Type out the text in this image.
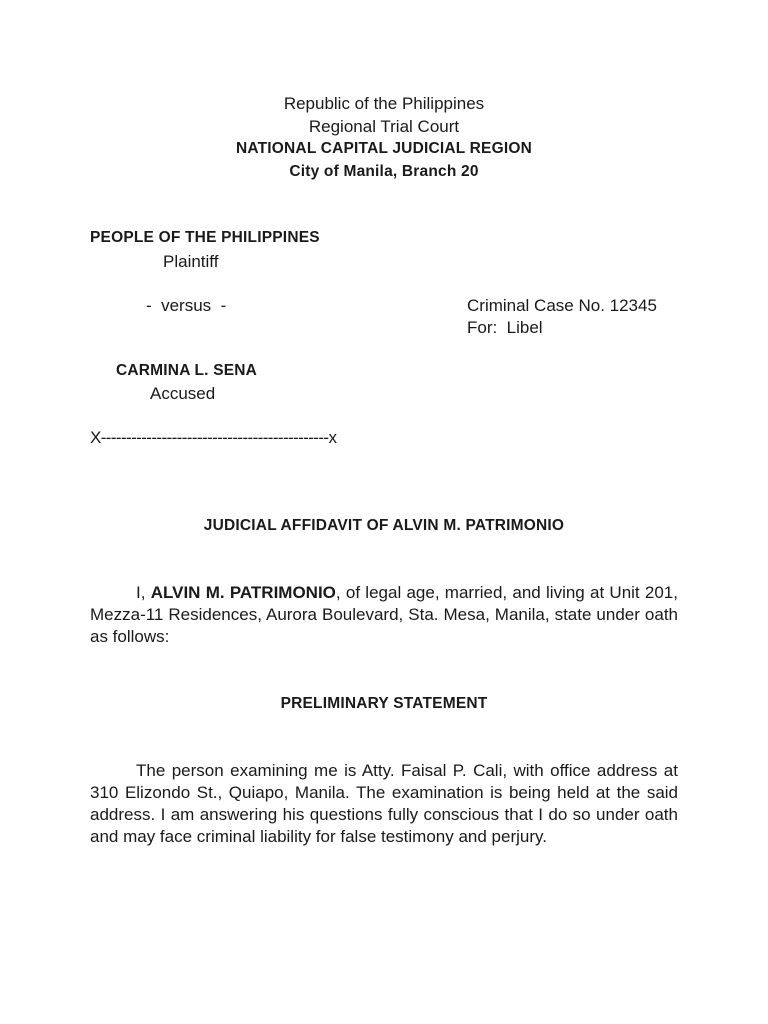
Republic of the Philippines
Regional Trial Court
NATIONAL CAPITAL JUDICIAL REGION
City of Manila, Branch 20
PEOPLE OF THE PHILIPPINES
Plaintiff
-  versus  -	Criminal Case No. 12345
For:  Libel
CARMINA L. SENA
Accused
X---------------------------------------------x
JUDICIAL AFFIDAVIT OF ALVIN M. PATRIMONIO
I, ALVIN M. PATRIMONIO, of legal age, married, and living at Unit 201, Mezza-11 Residences, Aurora Boulevard, Sta. Mesa, Manila, state under oath as follows:
PRELIMINARY STATEMENT
The person examining me is Atty. Faisal P. Cali, with office address at 310 Elizondo St., Quiapo, Manila. The examination is being held at the said address. I am answering his questions fully conscious that I do so under oath and may face criminal liability for false testimony and perjury.
